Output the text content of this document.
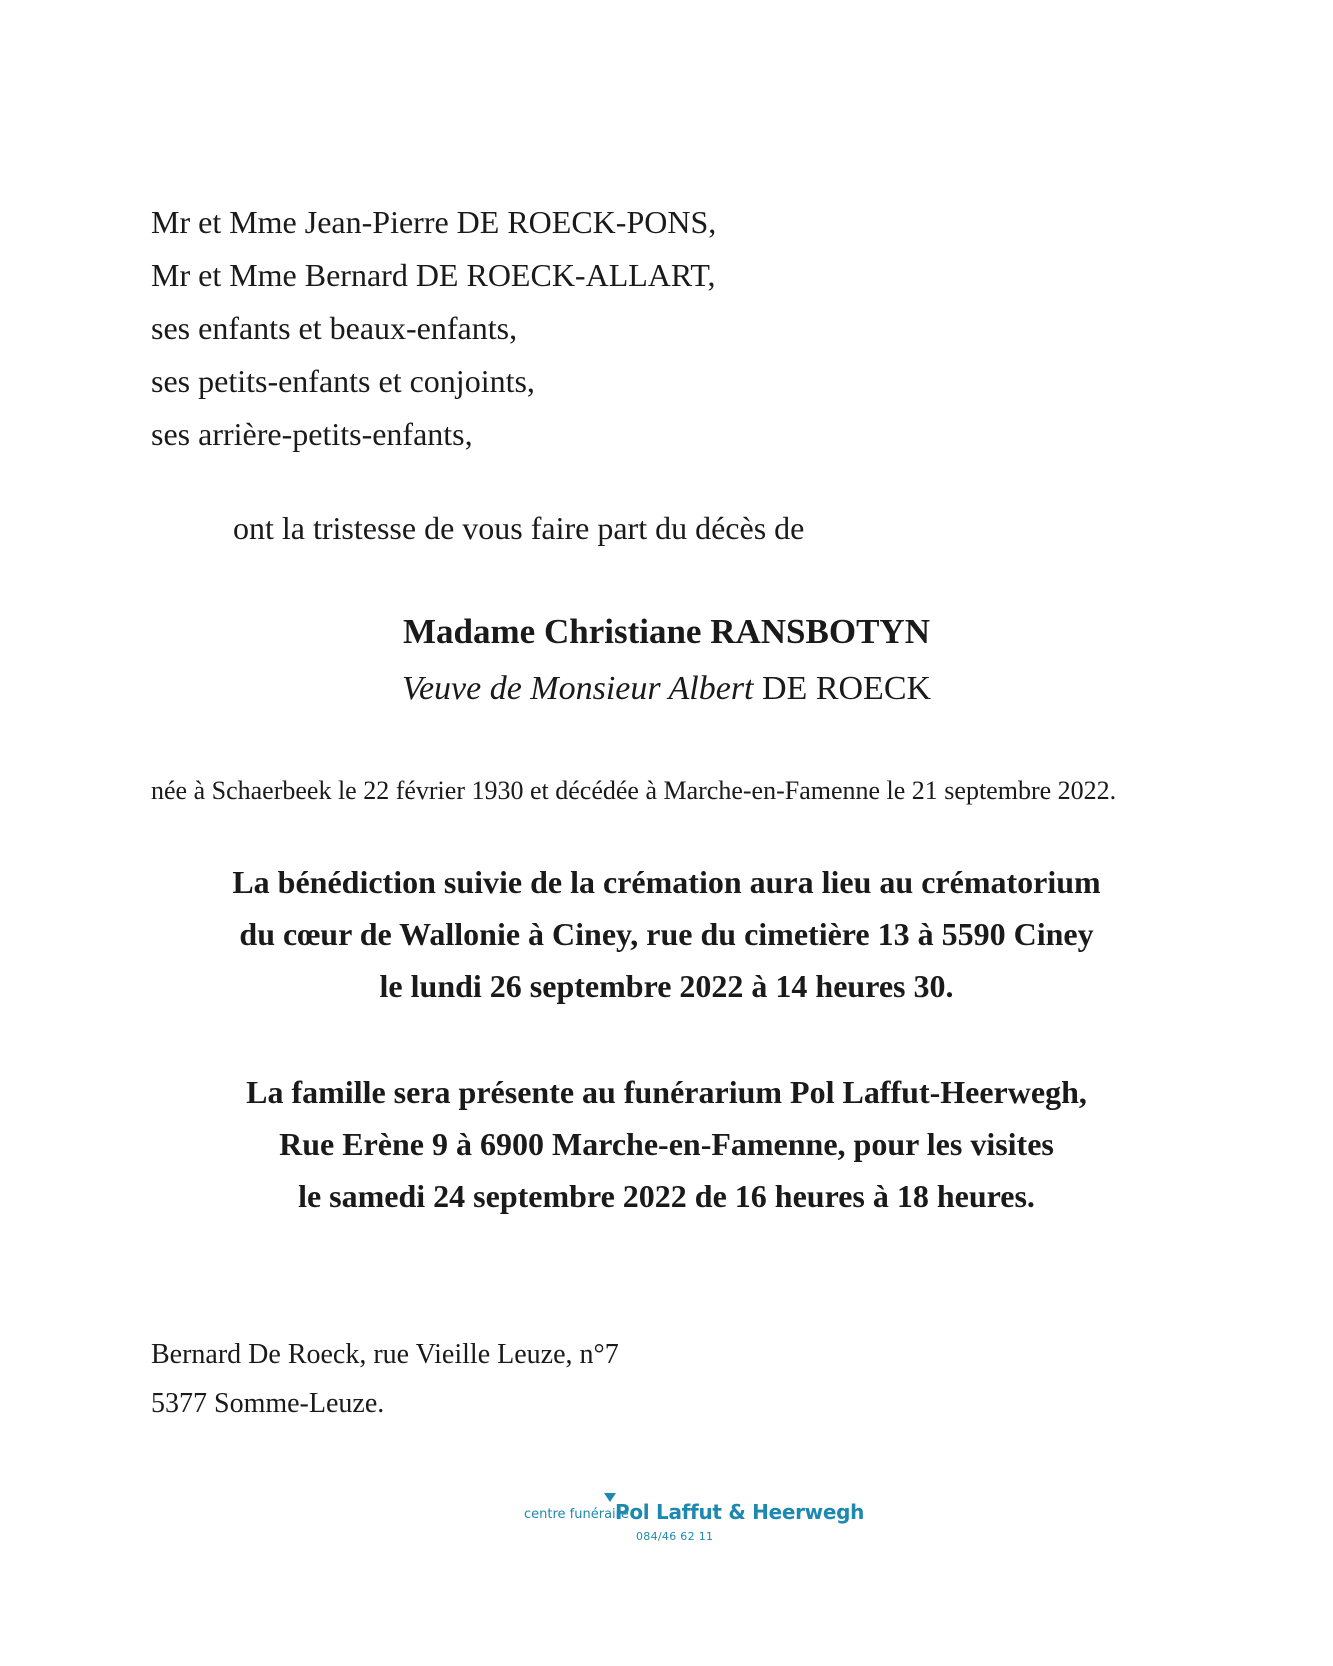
Mr et Mme Jean-Pierre DE ROECK-PONS,
Mr et Mme Bernard DE ROECK-ALLART,
ses enfants et beaux-enfants,
ses petits-enfants et conjoints,
ses arrière-petits-enfants,
ont la tristesse de vous faire part du décès de
Madame Christiane RANSBOTYN
Veuve de Monsieur Albert DE ROECK
née à Schaerbeek le 22 février 1930 et décédée à Marche-en-Famenne le 21 septembre 2022.
La bénédiction suivie de la crémation aura lieu au crématorium
du cœur de Wallonie à Ciney, rue du cimetière 13 à 5590 Ciney
le lundi 26 septembre 2022 à 14 heures 30.
La famille sera présente au funérarium Pol Laffut-Heerwegh,
Rue Erène 9 à 6900 Marche-en-Famenne, pour les visites
le samedi 24 septembre 2022 de 16 heures à 18 heures.
Bernard De Roeck, rue Vieille Leuze, n°7
5377 Somme-Leuze.
centre funéraire
Pol Laffut & Heerwegh
084/46 62 11
